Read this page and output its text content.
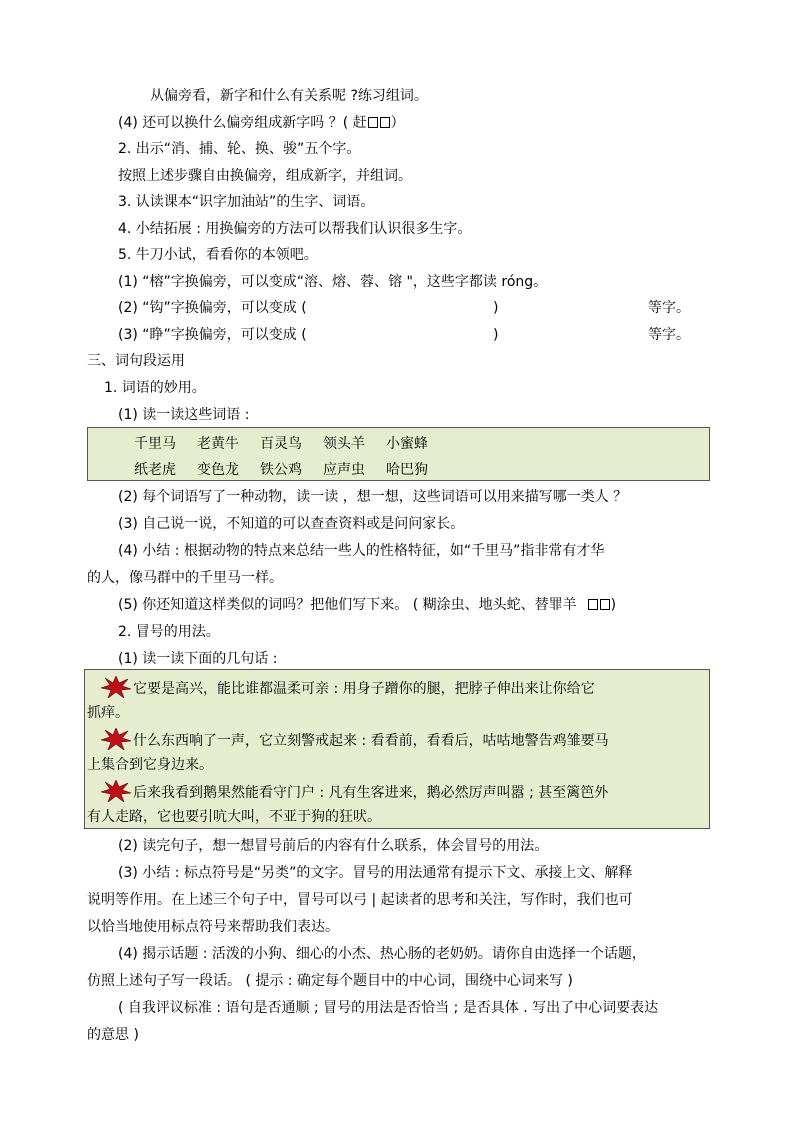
从偏旁看，新字和什么有关系呢 ?练习组词。
(4) 还可以换什么偏旁组成新字吗 ？( 赶 ）
2. 出示“消、捕、轮、换、骏”五个字。
按照上述步骤自由换偏旁，组成新字，并组词。
3. 认读课本“识字加油站”的生字、词语。
4. 小结拓展 : 用换偏旁的方法可以帮我们认识很多生字。
5. 牛刀小试，看看你的本领吧。
(1) “榕”字换偏旁，可以变成“溶、熔、蓉、镕 "，这些字都读 róng。
(2) “钩”字换偏旁，可以变成 (	)	等字。
(3) “睁”字换偏旁，可以变成 (	)	等字。
三、词句段运用
1. 词语的妙用。
(1) 读一读这些词语 :
千里马 老黄牛 百灵鸟 领头羊 小蜜蜂
纸老虎 变色龙 铁公鸡 应声虫 哈巴狗
(2) 每个词语写了一种动物，读一读 ，想一想，这些词语可以用来描写哪一类人 ？
(3) 自己说一说，不知道的可以查查资料或是问问家长。
(4) 小结 : 根据动物的特点来总结一些人的性格特征，如“千里马”指非常有才华
的人，像马群中的千里马一样。
(5) 你还知道这样类似的词吗？把他们写下来。 ( 糊涂虫、地头蛇、替罪羊 )
2. 冒号的用法。
(1) 读一读下面的几句话 :
它要是高兴，能比谁都温柔可亲 : 用身子蹭你的腿，把脖子伸出来让你给它
抓痒。
什么东西响了一声，它立刻警戒起来 : 看看前，看看后，咕咕地警告鸡雏要马
上集合到它身边来。
后来我看到鹅果然能看守门户 : 凡有生客进来，鹅必然厉声叫嚣 ; 甚至篱笆外
有人走路，它也要引吭大叫，不亚于狗的狂吠。
(2) 读完句子，想一想冒号前后的内容有什么联系，体会冒号的用法。
(3) 小结 : 标点符号是“另类”的文字。冒号的用法通常有提示下文、承接上文、解释
说明等作用。在上述三个句子中，冒号可以弓 | 起读者的思考和关注，写作时，我们也可
以恰当地使用标点符号来帮助我们表达。
(4) 揭示话题 : 活泼的小狗、细心的小杰、热心肠的老奶奶。请你自由选择一个话题，
仿照上述句子写一段话。 ( 提示 : 确定每个题目中的中心词，围绕中心词来写 )
( 自我评议标准 : 语句是否通顺 ; 冒号的用法是否恰当 ; 是否具体 . 写出了中心词要表达
的意思 )
